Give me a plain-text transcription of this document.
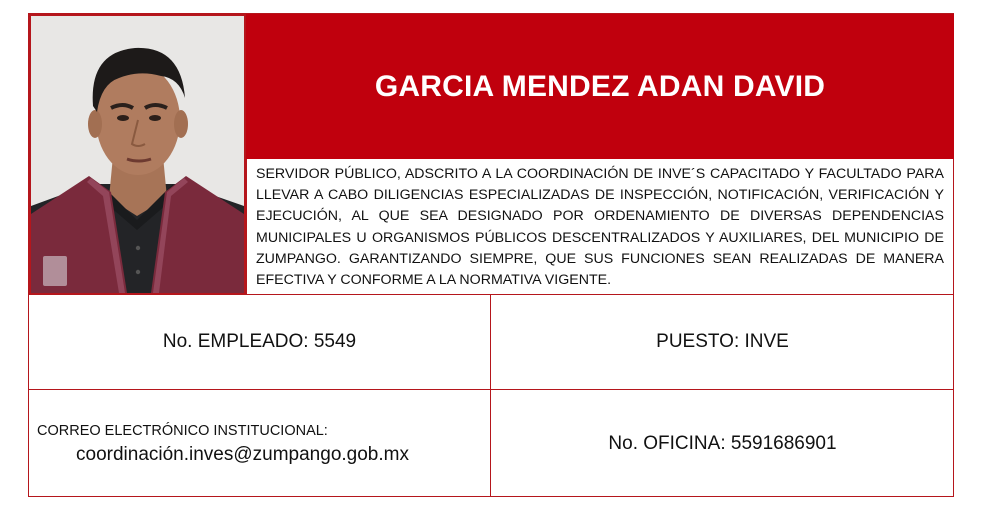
GARCIA MENDEZ ADAN DAVID

SERVIDOR PÚBLICO, ADSCRITO A LA COORDINACIÓN DE INVE´S CAPACITADO Y FACULTADO PARA LLEVAR A CABO DILIGENCIAS ESPECIALIZADAS DE INSPECCIÓN, NOTIFICACIÓN, VERIFICACIÓN Y EJECUCIÓN, AL QUE SEA DESIGNADO POR ORDENAMIENTO DE DIVERSAS DEPENDENCIAS MUNICIPALES U ORGANISMOS PÚBLICOS DESCENTRALIZADOS Y AUXILIARES, DEL MUNICIPIO DE ZUMPANGO. GARANTIZANDO SIEMPRE, QUE SUS FUNCIONES SEAN REALIZADAS DE MANERA EFECTIVA Y CONFORME A LA NORMATIVA VIGENTE.

No. EMPLEADO: 5549	PUESTO: INVE
CORREO ELECTRÓNICO INSTITUCIONAL:
coordinación.inves@zumpango.gob.mx
No. OFICINA: 5591686901
